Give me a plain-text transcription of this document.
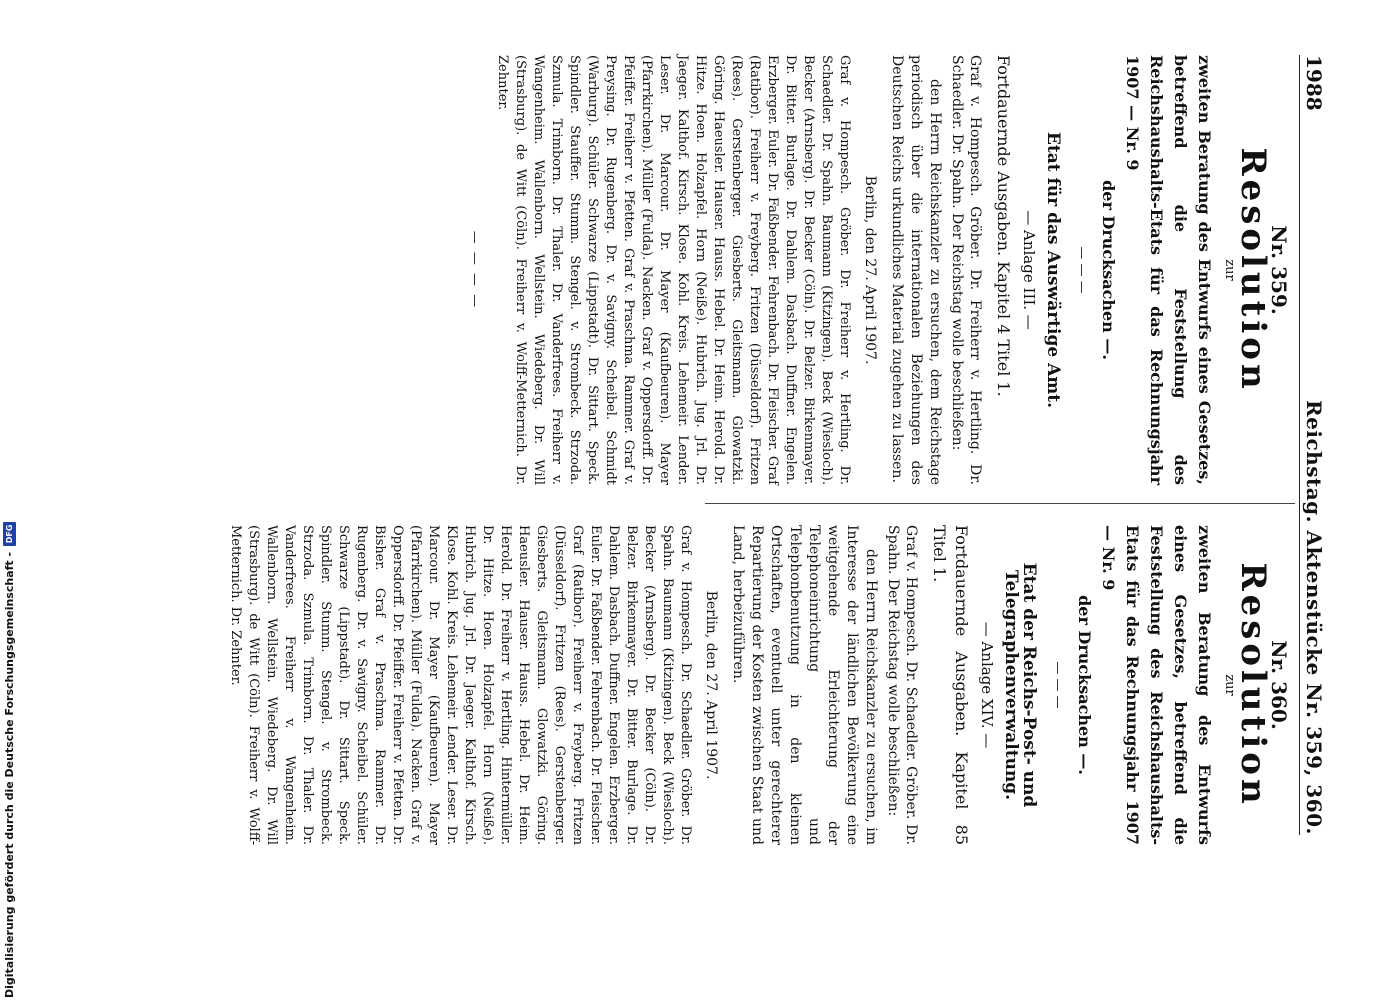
1988
Reichstag. Aktenstücke Nr. 359, 360.
Nr. 359.
Resolution
zur
zweiten Beratung des Entwurfs eines Gesetzes, betreffend die Feststellung des Reichshaushalts-Etats für das Rechnungsjahr 1907 — Nr. 9
der Drucksachen —.
— — —
Etat für das Auswärtige Amt.
— Anlage III. —
Fortdauernde Ausgaben. Kapitel 4 Titel 1.
Graf v. Hompesch. Gröber. Dr. Freiherr v. Hertling. Dr. Schaedler. Dr. Spahn. Der Reichstag wolle beschließen:
den Herrn Reichskanzler zu ersuchen, dem Reichstage periodisch über die internationalen Beziehungen des Deutschen Reichs urkundliches Material zugehen zu lassen.
Berlin, den 27. April 1907.
Graf v. Hompesch. Gröber. Dr. Freiherr v. Hertling. Dr. Schaedler. Dr. Spahn. Baumann (Kitzingen). Beck (Wiesloch). Becker (Arnsberg). Dr. Becker (Cöln). Dr. Belzer. Birkenmayer. Dr. Bitter. Burlage. Dr. Dahlem. Dasbach. Duffner. Engelen. Erzberger. Euler. Dr. Faßbender. Fehrenbach. Dr. Fleischer. Graf (Ratibor). Freiherr v. Freyberg. Fritzen (Düsseldorf). Fritzen (Rees). Gerstenberger. Giesberts. Gleitsmann. Glowatzki. Göring. Haeusler. Hauser. Hauss. Hebel. Dr. Heim. Herold. Dr. Hitze. Hoen. Holzapfel. Horn (Neiße). Hubrich. Jug. Jrl. Dr. Jaeger. Kalthof. Kirsch. Klose. Kohl. Kreis. Lehemeir. Lender. Leser. Dr. Marcour. Dr. Mayer (Kaufbeuren). Mayer (Pfarrkirchen). Müller (Fulda). Nacken. Graf v. Oppersdorff. Dr. Pfeiffer. Freiherr v. Pfetten. Graf v. Praschma. Rammer. Graf v. Preysing. Dr. Rugenberg. Dr. v. Savigny. Scheibel. Schmidt (Warburg). Schüler. Schwarze (Lippstadt). Dr. Sittart. Speck. Spindler. Stauffer. Stumm. Stengel. v. Strombeck. Strzoda. Szmula. Trimborn. Dr. Thaler. Dr. Vanderfrees. Freiherr v. Wangenheim. Wallenborn. Wellstein. Wiedeberg. Dr. Will (Strasburg). de Witt (Cöln). Freiherr v. Wolff-Metternich. Dr. Zehnter.
— — — —
Nr. 360.
Resolution
zur
zweiten Beratung des Entwurfs eines Gesetzes, betreffend die Feststellung des Reichshaushalts-Etats für das Rechnungsjahr 1907 — Nr. 9
der Drucksachen —.
— — —
Etat der Reichs-Post- und Telegraphenverwaltung.
— Anlage XIV. —
Fortdauernde Ausgaben. Kapitel 85 Titel 1.
Graf v. Hompesch. Dr. Schaedler. Gröber. Dr. Spahn. Der Reichstag wolle beschließen:
den Herrn Reichskanzler zu ersuchen, im Interesse der ländlichen Bevölkerung eine weitgehende Erleichterung der Telephoneinrichtung und Telephonbenutzung in den kleinen Ortschaften, eventuell unter gerechterer Repartierung der Kosten zwischen Staat und Land, herbeizuführen.
Berlin, den 27. April 1907.
Graf v. Hompesch. Dr. Schaedler. Gröber. Dr. Spahn. Baumann (Kitzingen). Beck (Wiesloch). Becker (Arnsberg). Dr. Becker (Cöln). Dr. Belzer. Birkenmayer. Dr. Bitter. Burlage. Dr. Dahlem. Dasbach. Duffner. Engelen. Erzberger. Euler. Dr. Faßbender. Fehrenbach. Dr. Fleischer. Graf (Ratibor). Freiherr v. Freyberg. Fritzen (Düsseldorf). Fritzen (Rees). Gerstenberger. Giesberts. Gleitsmann. Glowatzki. Göring. Haeusler. Hauser. Hauss. Hebel. Dr. Heim. Herold. Dr. Freiherr v. Hertling. Hintermüller. Dr. Hitze. Hoen. Holzapfel. Horn (Neiße). Hubrich. Jug. Jrl. Dr. Jaeger. Kalthof. Kirsch. Klose. Kohl. Kreis. Lehemeir. Lender. Leser. Dr. Marcour. Dr. Mayer (Kaufbeuren). Mayer (Pfarrkirchen). Müller (Fulda). Nacken. Graf v. Oppersdorff. Dr. Pfeiffer. Freiherr v. Pfetten. Dr. Bisher. Graf v. Praschma. Rammer. Dr. Rugenberg. Dr. v. Savigny. Scheibel. Schüler. Schwarze (Lippstadt). Dr. Sittart. Speck. Spindler. Stumm. Stengel. v. Strombeck. Strzoda. Szmula. Trimborn. Dr. Thaler. Dr. Vanderfrees. Freiherr v. Wangenheim. Wallenborn. Wellstein. Wiedeberg. Dr. Will (Strasburg). de Witt (Cöln). Freiherr v. Wolff-Metternich. Dr. Zehnter.
Digitalisierung gefördert durch die Deutsche Forschungsgemeinschaft -
DFG
